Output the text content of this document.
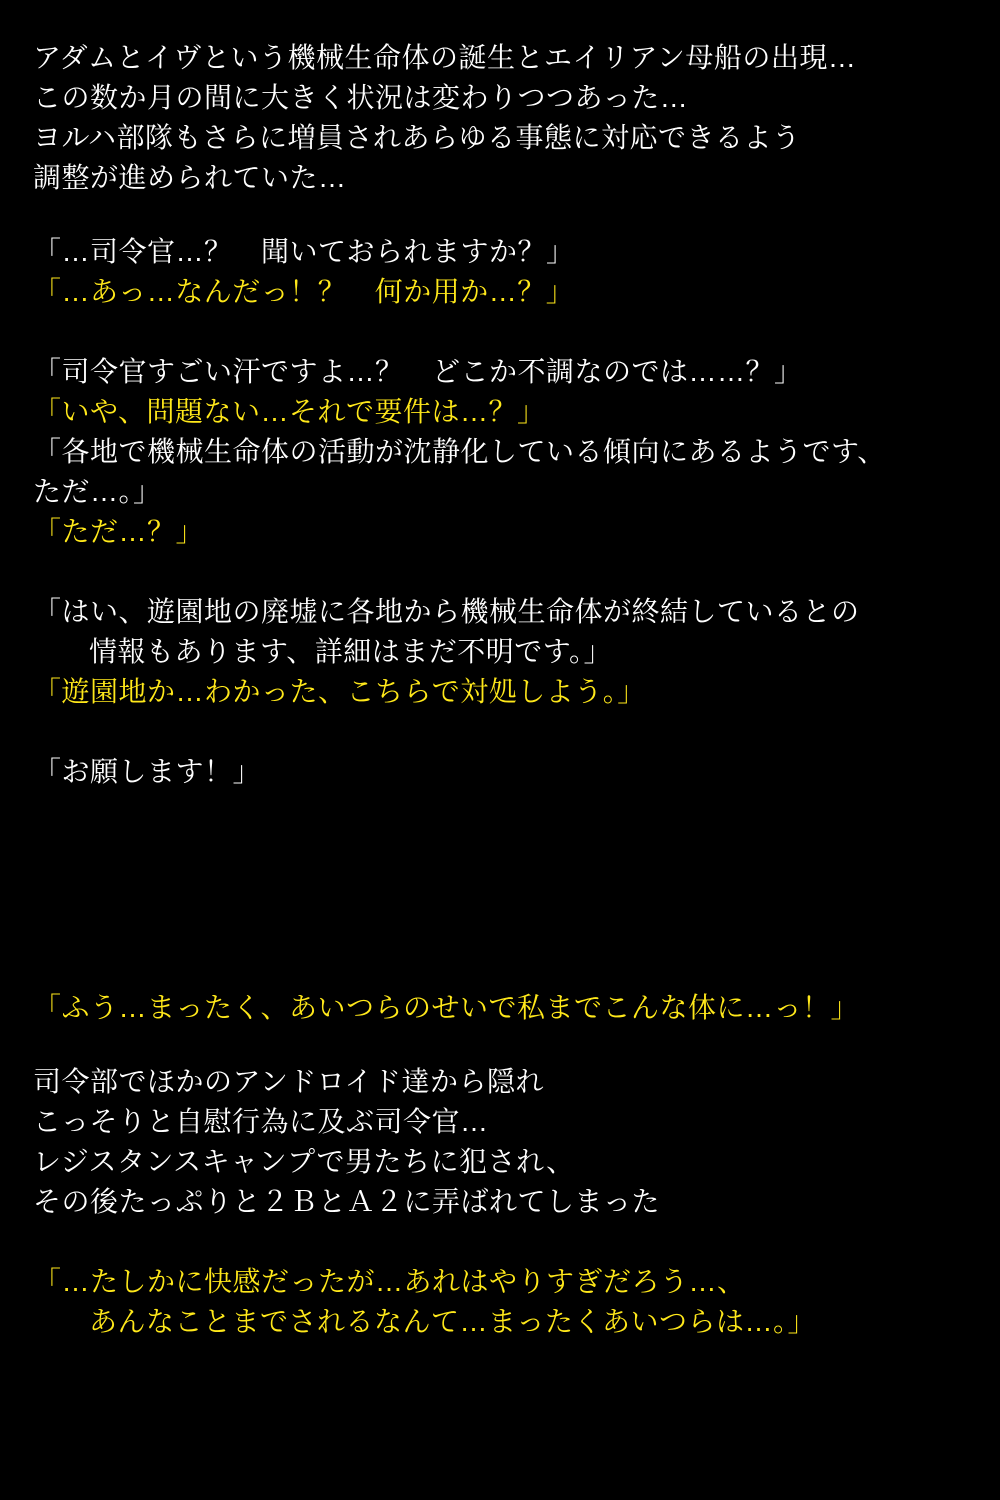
アダムとイヴという機械生命体の誕生とエイリアン母船の出現…
この数か月の間に大きく状況は変わりつつあった…
ヨルハ部隊もさらに増員されあらゆる事態に対応できるよう
調整が進められていた…
「…司令官…？　聞いておられますか？」
「…あっ…なんだっ！？　何か用か…？」
「司令官すごい汗ですよ…？　どこか不調なのでは……？」
「いや、問題ない…それで要件は…？」
「各地で機械生命体の活動が沈静化している傾向にあるようです、
ただ…。」
「ただ…？」
「はい、遊園地の廃墟に各地から機械生命体が終結しているとの
情報もあります、詳細はまだ不明です。」
「遊園地か…わかった、こちらで対処しよう。」
「お願します！」
「ふう…まったく、あいつらのせいで私までこんな体に…っ！」
司令部でほかのアンドロイド達から隠れ
こっそりと自慰行為に及ぶ司令官…
レジスタンスキャンプで男たちに犯され、
その後たっぷりと２ＢとＡ２に弄ばれてしまった
「…たしかに快感だったが…あれはやりすぎだろう…、
あんなことまでされるなんて…まったくあいつらは…。」
